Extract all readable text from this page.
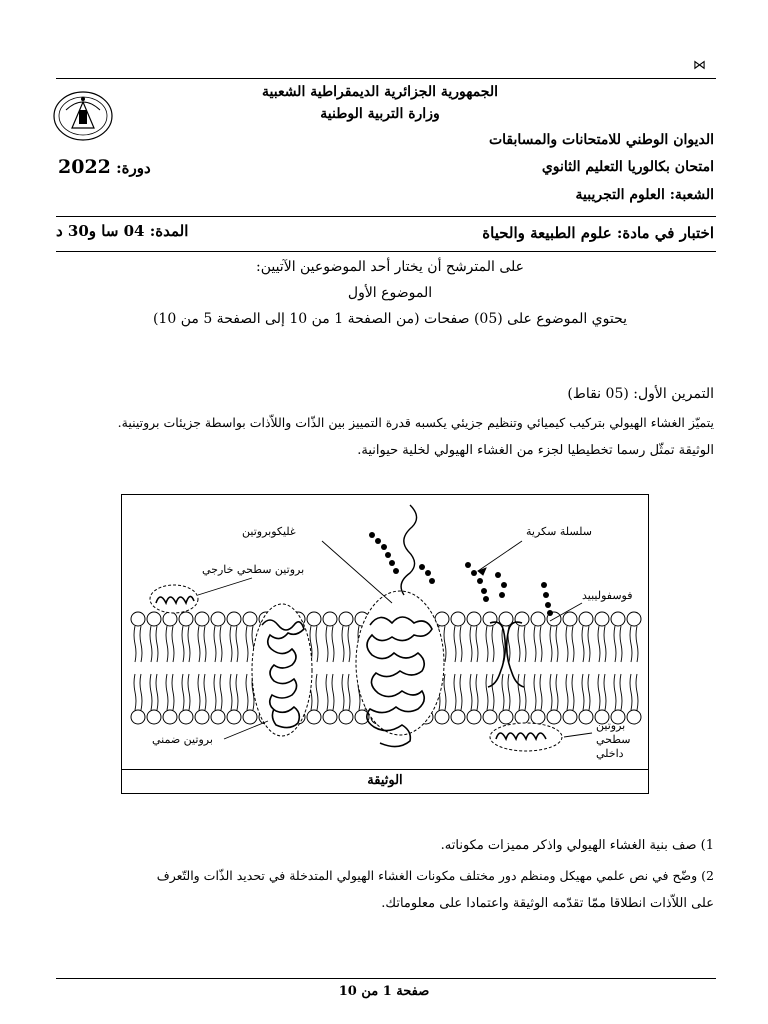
⋈
الجمهورية الجزائرية الديمقراطية الشعبية
وزارة التربية الوطنية
الديوان الوطني للامتحانات والمسابقات
امتحان بكالوريا التعليم الثانوي
الشعبة: العلوم التجريبية
دورة: 2022
اختبار في مادة: علوم الطبيعة والحياة
المدة: 04 سا و30 د
على المترشح أن يختار أحد الموضوعين الآتيين:
الموضوع الأول
يحتوي الموضوع على (05) صفحات (من الصفحة 1 من 10 إلى الصفحة 5 من 10)
التمرين الأول: (05 نقاط)
يتميّز الغشاء الهيولي بتركيب كيميائي وتنظيم جزيئي يكسبه قدرة التمييز بين الذّات واللاّذات بواسطة جزيئات بروتينية.
الوثيقة تمثّل رسما تخطيطيا لجزء من الغشاء الهيولي لخلية حيوانية.
غليكوبروتين	سلسلة سكرية
بروتين سطحي خارجي
فوسفوليبيد
بروتين ضمني
بروتين
سطحي
داخلي
الوثيقة
1) صف بنية الغشاء الهيولي واذكر مميزات مكوناته.
2) وضّح في نص علمي مهيكل ومنظم دور مختلف مكونات الغشاء الهيولي المتدخلة في تحديد الذّات والتّعرف
على اللاّذات انطلاقا ممّا تقدّمه الوثيقة واعتمادا على معلوماتك.
صفحة 1 من 10
